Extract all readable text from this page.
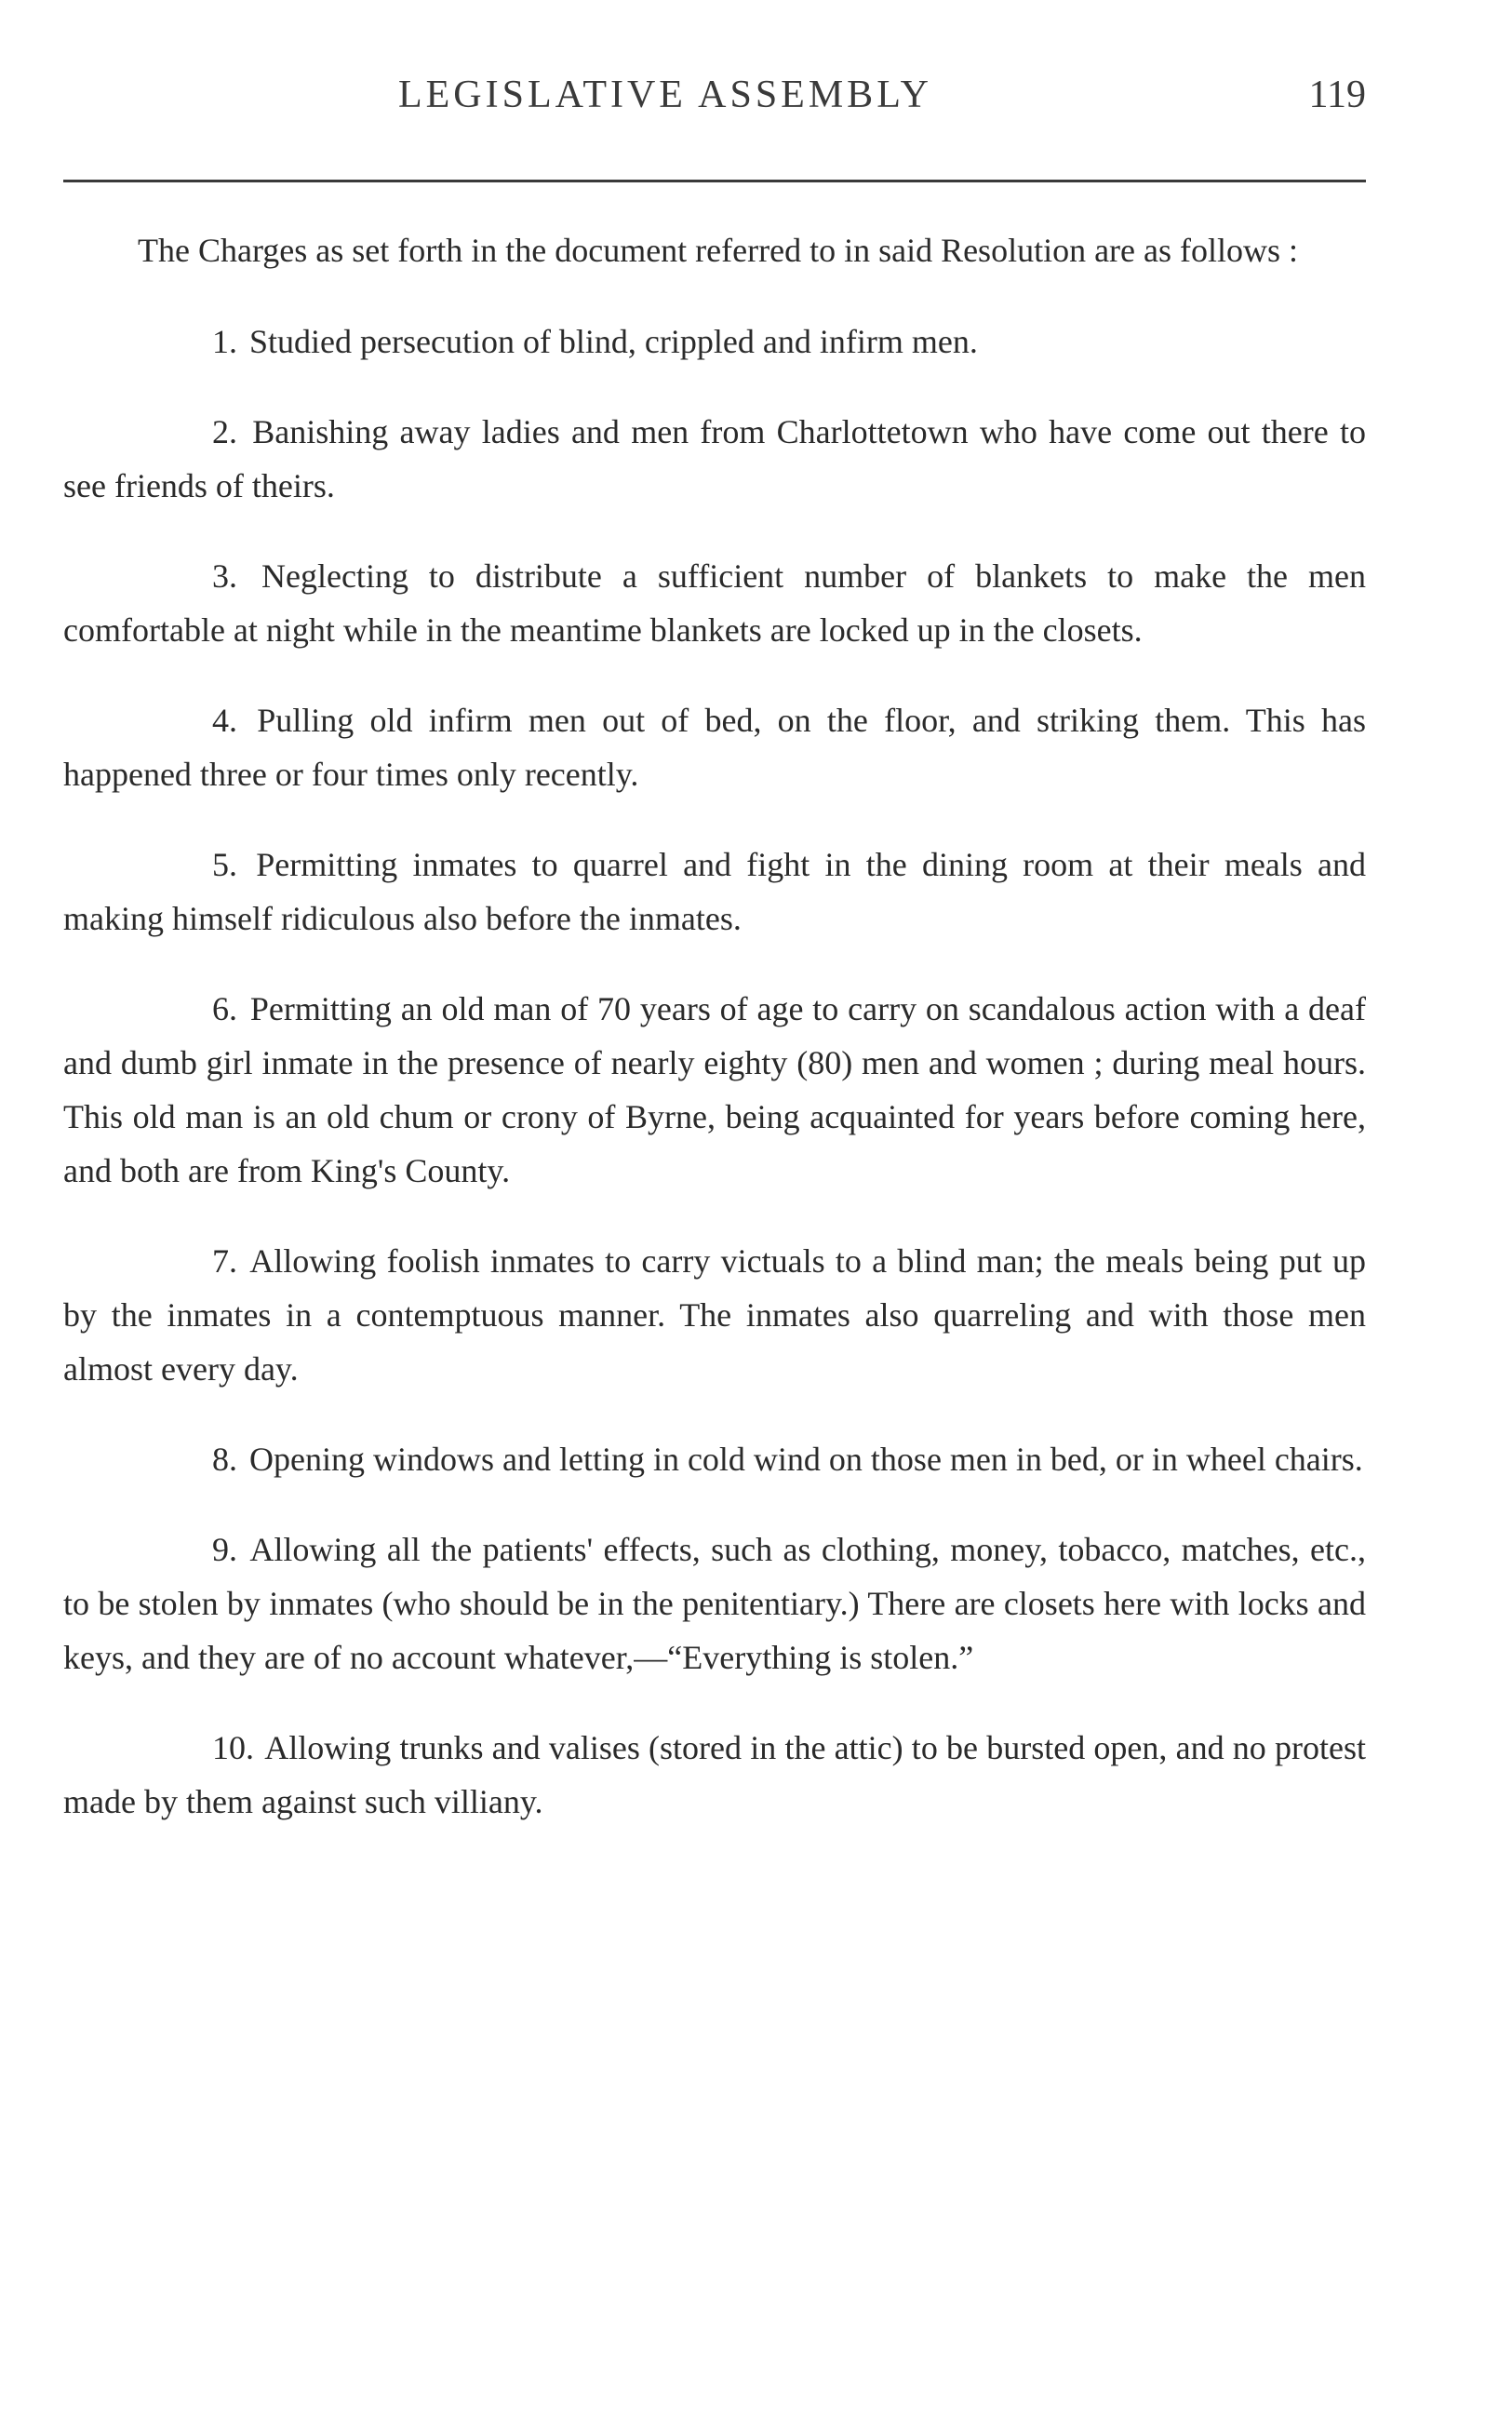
LEGISLATIVE ASSEMBLY	119

The Charges as set forth in the document referred to in said Resolution are as follows :

1. Studied persecution of blind, crippled and infirm men.

2. Banishing away ladies and men from Charlottetown who have come out there to see friends of theirs.

3. Neglecting to distribute a sufficient number of blankets to make the men comfortable at night while in the meantime blankets are locked up in the closets.

4. Pulling old infirm men out of bed, on the floor, and striking them. This has happened three or four times only recently.

5. Permitting inmates to quarrel and fight in the dining room at their meals and making himself ridiculous also before the inmates.

6. Permitting an old man of 70 years of age to carry on scandalous action with a deaf and dumb girl inmate in the presence of nearly eighty (80) men and women ; during meal hours. This old man is an old chum or crony of Byrne, being acquainted for years before coming here, and both are from King's County.

7. Allowing foolish inmates to carry victuals to a blind man; the meals being put up by the inmates in a contemptuous manner. The inmates also quarreling and with those men almost every day.

8. Opening windows and letting in cold wind on those men in bed, or in wheel chairs.

9. Allowing all the patients' effects, such as clothing, money, tobacco, matches, etc., to be stolen by inmates (who should be in the penitentiary.) There are closets here with locks and keys, and they are of no account whatever,—“Everything is stolen.”

10. Allowing trunks and valises (stored in the attic) to be bursted open, and no protest made by them against such villiany.
